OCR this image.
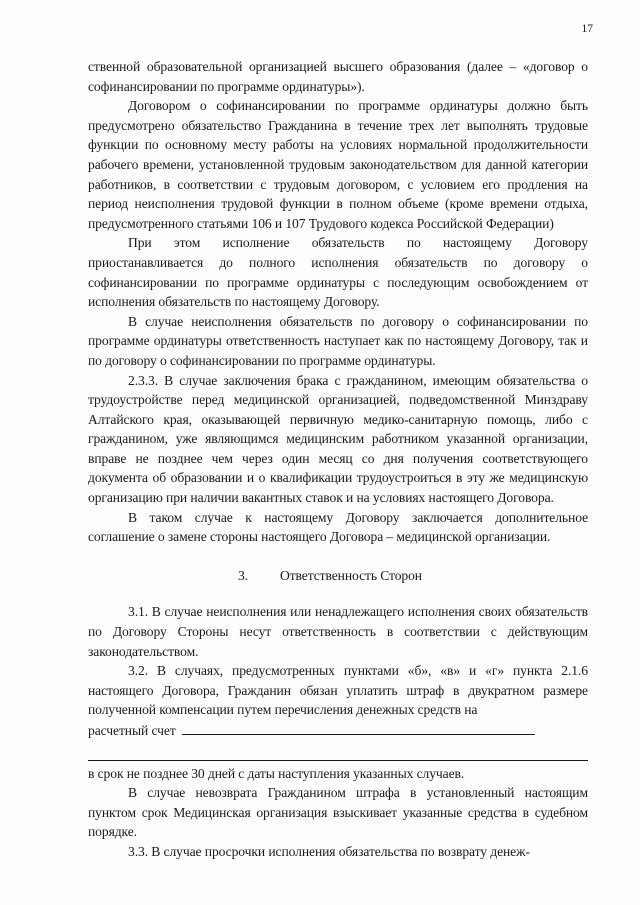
17

ственной образовательной организацией высшего образования (далее – «договор о софинансировании по программе ординатуры»).

Договором о софинансировании по программе ординатуры должно быть предусмотрено обязательство Гражданина в течение трех лет выполнять трудовые функции по основному месту работы на условиях нормальной продолжительности рабочего времени, установленной трудовым законодательством для данной категории работников, в соответствии с трудовым договором, с условием его продления на период неисполнения трудовой функции в полном объеме (кроме времени отдыха, предусмотренного статьями 106 и 107 Трудового кодекса Российской Федерации)

При этом исполнение обязательств по настоящему Договору приостанавливается до полного исполнения обязательств по договору о софинансировании по программе ординатуры с последующим освобождением от исполнения обязательств по настоящему Договору.

В случае неисполнения обязательств по договору о софинансировании по программе ординатуры ответственность наступает как по настоящему Договору, так и по договору о софинансировании по программе ординатуры.

2.3.3. В случае заключения брака с гражданином, имеющим обязательства о трудоустройстве перед медицинской организацией, подведомственной Минздраву Алтайского края, оказывающей первичную медико-санитарную помощь, либо с гражданином, уже являющимся медицинским работником указанной организации, вправе не позднее чем через один месяц со дня получения соответствующего документа об образовании и о квалификации трудоустроиться в эту же медицинскую организацию при наличии вакантных ставок и на условиях настоящего Договора.

В таком случае к настоящему Договору заключается дополнительное соглашение о замене стороны настоящего Договора – медицинской организации.

3. Ответственность Сторон

3.1. В случае неисполнения или ненадлежащего исполнения своих обязательств по Договору Стороны несут ответственность в соответствии с действующим законодательством.

3.2. В случаях, предусмотренных пунктами «б», «в» и «г» пункта 2.1.6 настоящего Договора, Гражданин обязан уплатить штраф в двукратном размере полученной компенсации путем перечисления денежных средств на

расчетный счет

в срок не позднее 30 дней с даты наступления указанных случаев.

В случае невозврата Гражданином штрафа в установленный настоящим пунктом срок Медицинская организация взыскивает указанные средства в судебном порядке.

3.3. В случае просрочки исполнения обязательства по возврату денеж-
